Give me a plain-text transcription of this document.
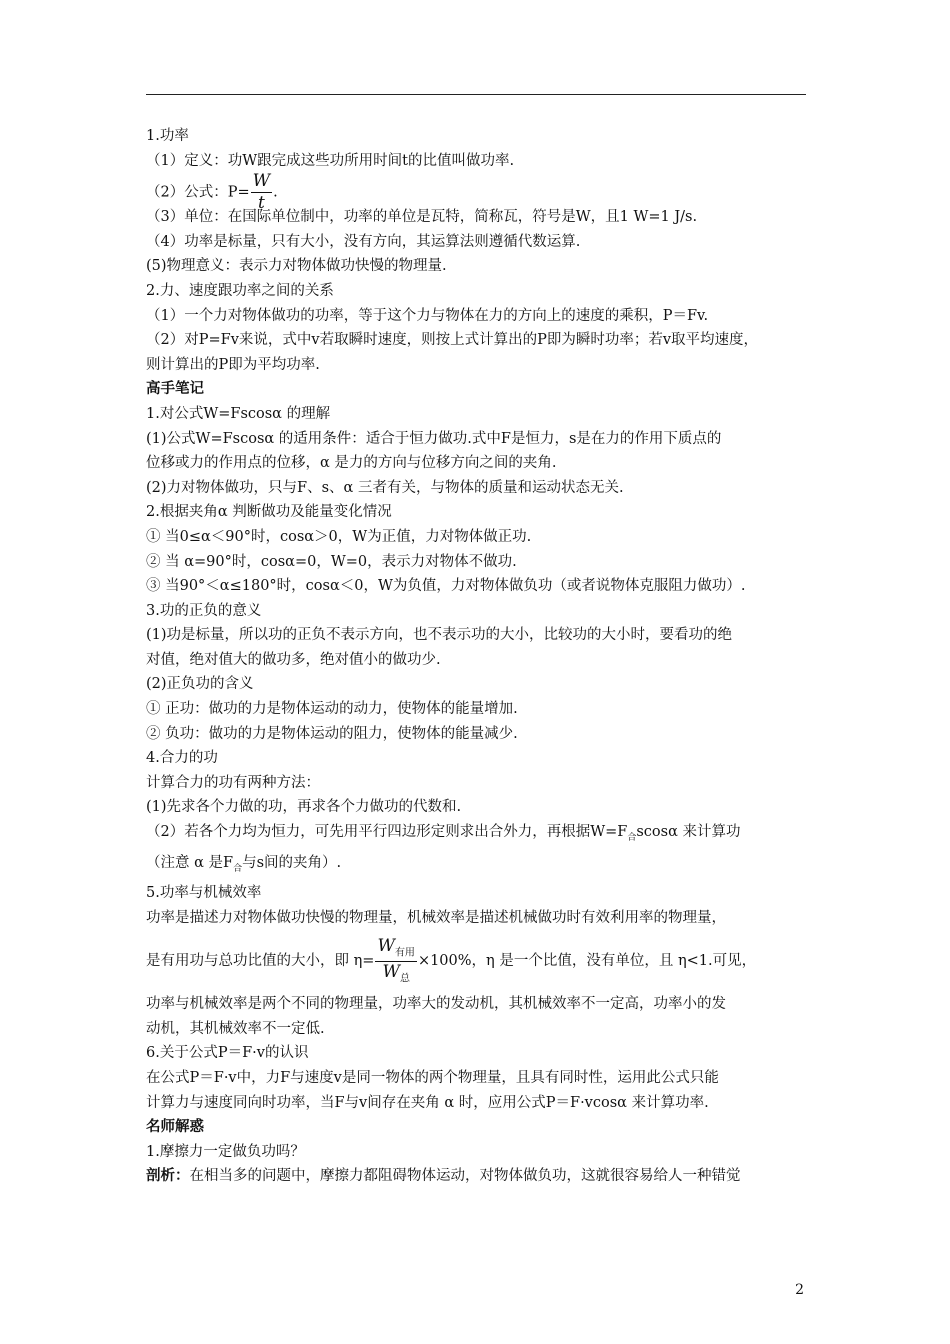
1.功率
（1）定义：功W跟完成这些功所用时间t的比值叫做功率.
（2）公式：$P= \frac{W}{t}$ .
（3）单位：在国际单位制中，功率的单位是瓦特，简称瓦，符号是W，且1 W=1 J/s.
（4）功率是标量，只有大小，没有方向，其运算法则遵循代数运算.
(5)物理意义：表示力对物体做功快慢的物理量.
2.力、速度跟功率之间的关系
（1）一个力对物体做功的功率，等于这个力与物体在力的方向上的速度的乘积，P＝Fv.
（2）对P=Fv来说，式中v若取瞬时速度，则按上式计算出的P即为瞬时功率；若v取平均速度，
则计算出的P即为平均功率.
高手笔记
1.对公式W=Fscosα 的理解
(1)公式W=Fscosα 的适用条件：适合于恒力做功.式中F是恒力，s是在力的作用下质点的
位移或力的作用点的位移，α 是力的方向与位移方向之间的夹角.
(2)力对物体做功，只与F、s、α 三者有关，与物体的质量和运动状态无关.
2.根据夹角α 判断做功及能量变化情况
① 当0≤α＜90°时，cosα＞0，W为正值，力对物体做正功.
② 当 α=90°时，cosα=0，W=0，表示力对物体不做功.
③ 当90°＜α≤180°时，cosα＜0，W为负值，力对物体做负功（或者说物体克服阻力做功）.
3.功的正负的意义
(1)功是标量，所以功的正负不表示方向，也不表示功的大小，比较功的大小时，要看功的绝
对值，绝对值大的做功多，绝对值小的做功少.
(2)正负功的含义
① 正功：做功的力是物体运动的动力，使物体的能量增加.
② 负功：做功的力是物体运动的阻力，使物体的能量减少.
4.合力的功
计算合力的功有两种方法：
(1)先求各个力做的功，再求各个力做功的代数和.
（2）若各个力均为恒力，可先用平行四边形定则求出合外力，再根据$W=F_合scos\alpha$ 来计算功
（注意 α 是$F_合$与s间的夹角）.
5.功率与机械效率
功率是描述力对物体做功快慢的物理量，机械效率是描述机械做功时有效利用率的物理量，
是有用功与总功比值的大小，即 $\eta= \frac{W_{有用}}{W_总} \times 100\%$，η 是一个比值，没有单位，且 η<1.可见，
功率与机械效率是两个不同的物理量，功率大的发动机，其机械效率不一定高，功率小的发
动机，其机械效率不一定低.
6.关于公式P＝F·v的认识
在公式P＝F·v中，力F与速度v是同一物体的两个物理量，且具有同时性，运用此公式只能
计算力与速度同向时功率，当F与v间存在夹角 α 时，应用公式P＝F·vcosα 来计算功率.
名师解惑
1.摩擦力一定做负功吗？
剖析：在相当多的问题中，摩擦力都阻碍物体运动，对物体做负功，这就很容易给人一种错觉
2
